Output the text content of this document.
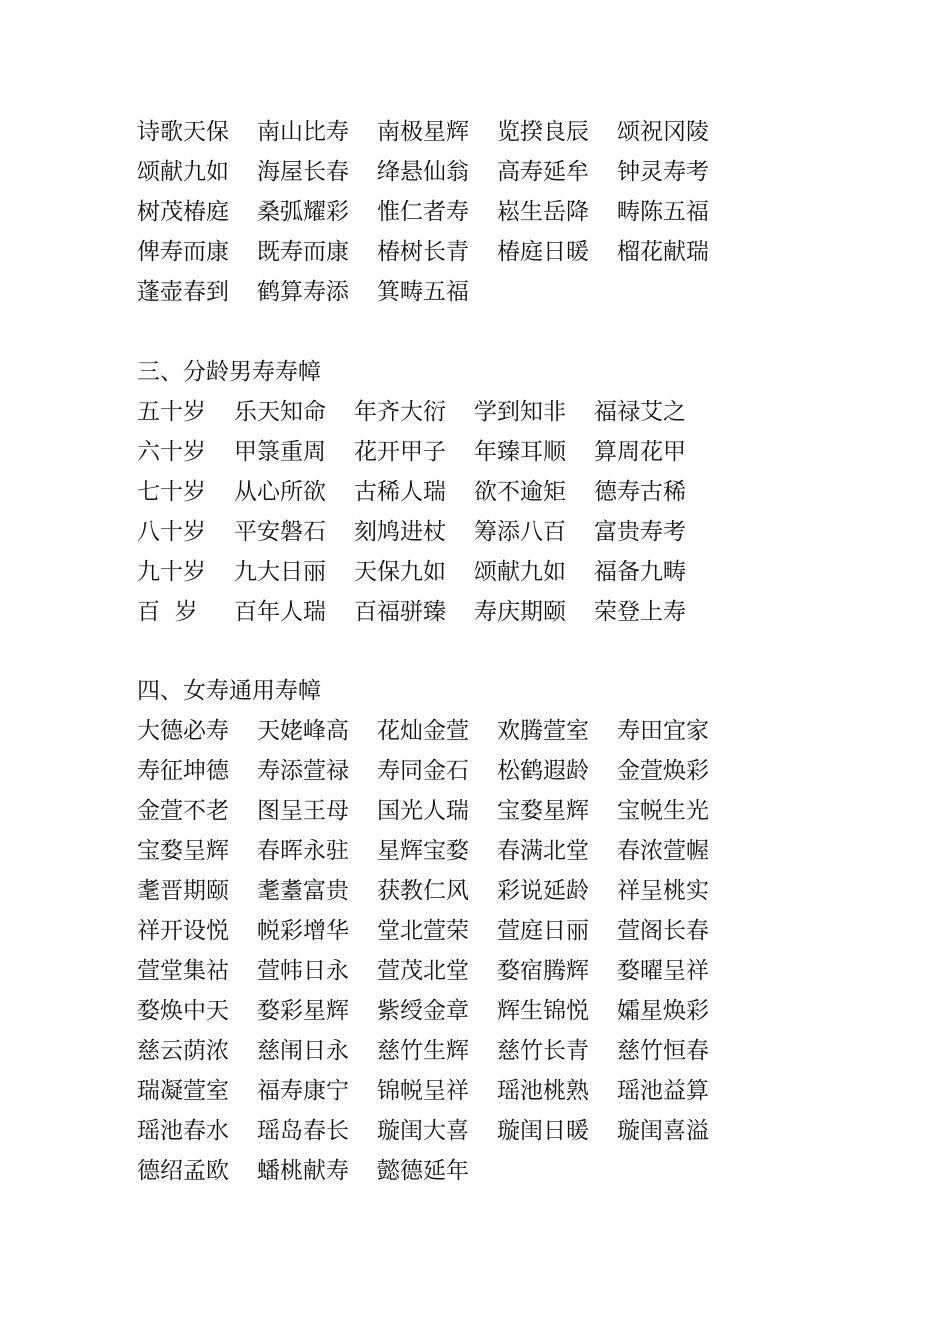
诗歌天保 南山比寿 南极星辉 览揆良辰 颂祝冈陵
颂献九如 海屋长春 绛悬仙翁 高寿延牟 钟灵寿考
树茂椿庭 桑弧耀彩 惟仁者寿 崧生岳降 畴陈五福
俾寿而康 既寿而康 椿树长青 椿庭日暖 榴花献瑞
蓬壶春到 鹤算寿添 箕畴五福
三、分龄男寿寿幛
五十岁 乐天知命 年齐大衍 学到知非 福禄艾之
六十岁 甲箓重周 花开甲子 年臻耳顺 算周花甲
七十岁 从心所欲 古稀人瑞 欲不逾矩 德寿古稀
八十岁 平安磐石 刻鸠进杖 筹添八百 富贵寿考
九十岁 九大日丽 天保九如 颂献九如 福备九畴
百  岁 百年人瑞 百福骈臻 寿庆期颐 荣登上寿
四、女寿通用寿幛
大德必寿 天姥峰高 花灿金萱 欢腾萱室 寿田宜家
寿征坤德 寿添萱禄 寿同金石 松鹤遐龄 金萱焕彩
金萱不老 图呈王母 国光人瑞 宝婺星辉 宝帨生光
宝婺呈辉 春晖永驻 星辉宝婺 春满北堂 春浓萱幄
耄晋期颐 耄耋富贵 获教仁风 彩说延龄 祥呈桃实
祥开设悦 帨彩增华 堂北萱荣 萱庭日丽 萱阁长春
萱堂集祜 萱帏日永 萱茂北堂 婺宿腾辉 婺曜呈祥
婺焕中天 婺彩星辉 紫绶金章 辉生锦悦 孀星焕彩
慈云荫浓 慈闱日永 慈竹生辉 慈竹长青 慈竹恒春
瑞凝萱室 福寿康宁 锦帨呈祥 瑶池桃熟 瑶池益算
瑶池春水 瑶岛春长 璇闺大喜 璇闺日暖 璇闺喜溢
德绍孟欧 蟠桃献寿 懿德延年
